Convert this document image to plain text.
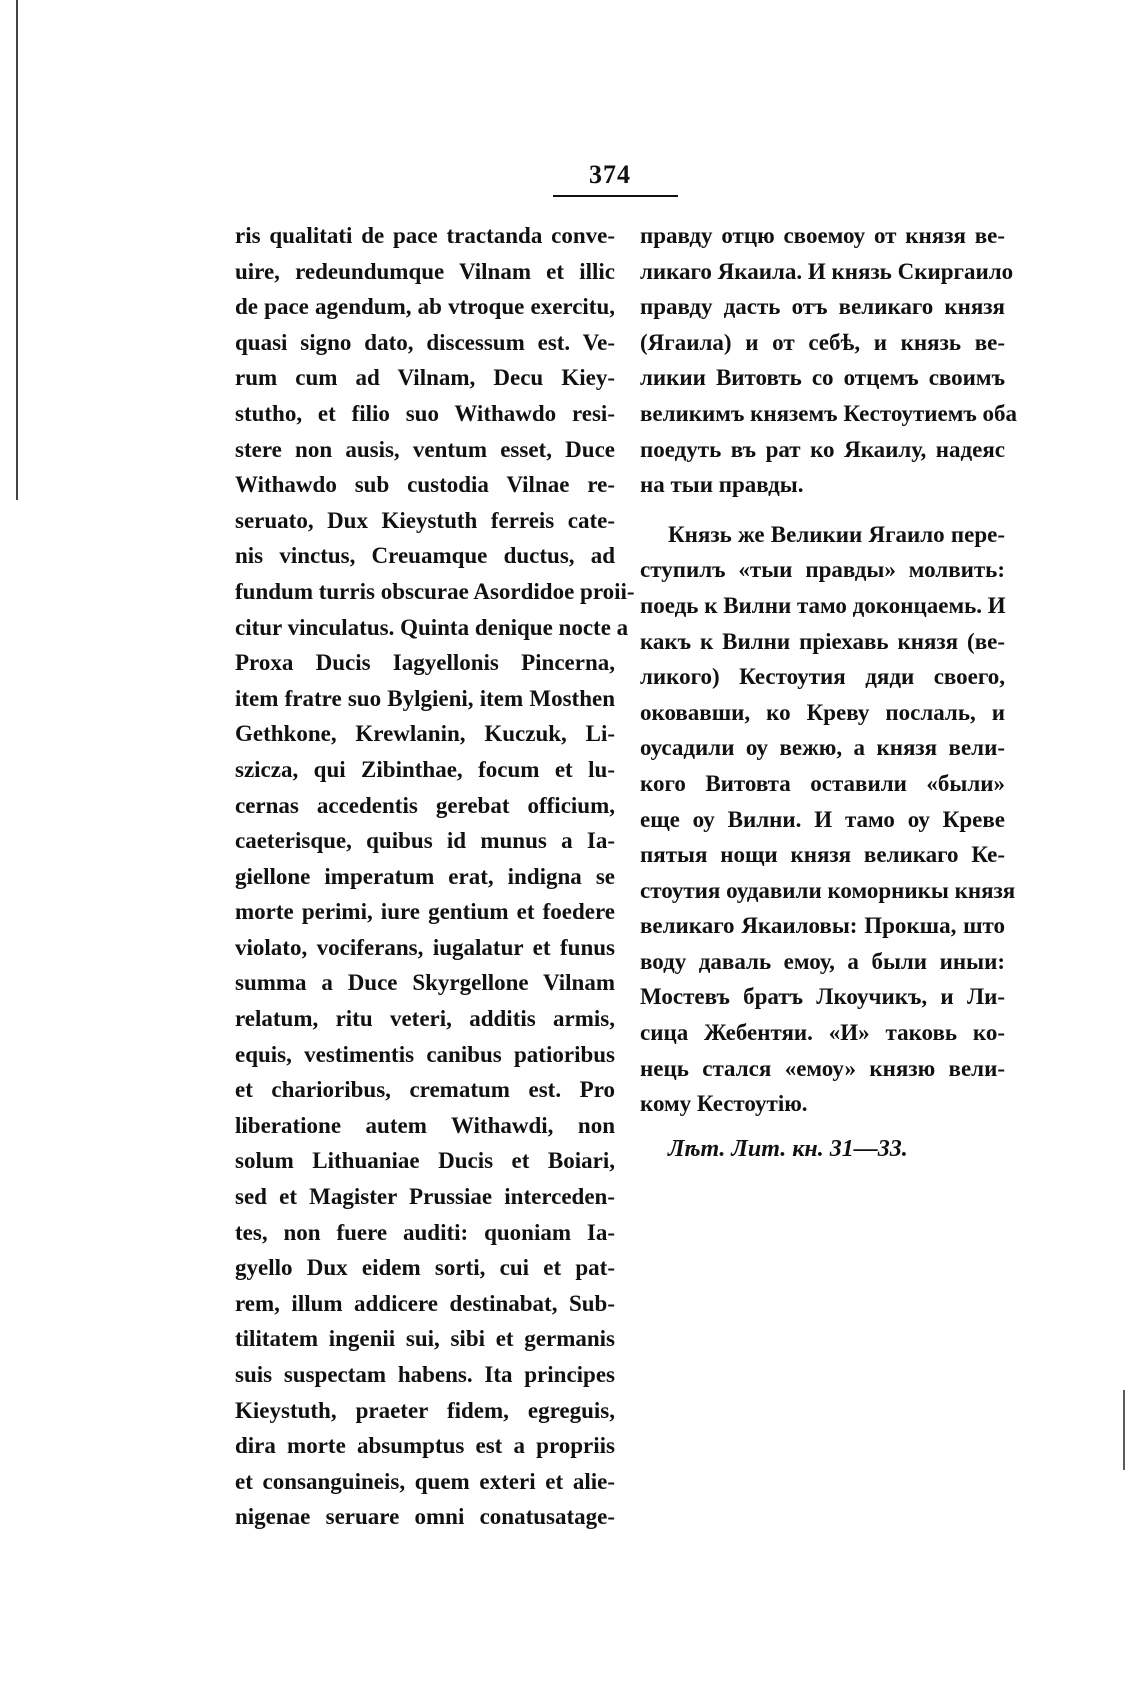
374
ris qualitati de pace tractanda conve-
uire, redeundumque Vilnam et illic
de pace agendum, ab vtroque exercitu,
quasi signo dato, discessum est. Ve-
rum cum ad Vilnam, Decu Kiey-
stutho, et filio suo Withawdo resi-
stere non ausis, ventum esset, Duce
Withawdo sub custodia Vilnae re-
seruato, Dux Kieystuth ferreis cate-
nis vinctus, Creuamque ductus, ad
fundum turris obscurae Asordidoe proii-
citur vinculatus. Quinta denique nocte a
Proxa Ducis Iagyellonis Pincerna,
item fratre suo Bylgieni, item Mosthen
Gethkone, Krewlanin, Kuczuk, Li-
szicza, qui Zibinthae, focum et lu-
cernas accedentis gerebat officium,
caeterisque, quibus id munus a Ia-
giellone imperatum erat, indigna se
morte perimi, iure gentium et foedere
violato, vociferans, iugalatur et funus
summa a Duce Skyrgellone Vilnam
relatum, ritu veteri, additis armis,
equis, vestimentis canibus patioribus
et charioribus, crematum est. Pro
liberatione autem Withawdi, non
solum Lithuaniae Ducis et Boiari,
sed et Magister Prussiae interceden-
tes, non fuere auditi: quoniam Ia-
gyello Dux eidem sorti, cui et pat-
rem, illum addicere destinabat, Sub-
tilitatem ingenii sui, sibi et germanis
suis suspectam habens. Ita principes
Kieystuth, praeter fidem, egreguis,
dira morte absumptus est a propriis
et consanguineis, quem exteri et alie-
nigenae seruare omni conatusatage-
правду отцю своемоу от князя ве-
ликаго Якаила. И князь Скиргаило
правду дасть отъ великаго князя
(Ягаила) и от себѣ, и князь ве-
ликии Витовть со отцемъ своимъ
великимъ княземъ Кестоутиемъ оба
поедуть въ рат ко Якаилу, надеяс
на тыи правды.
Князь же Великии Ягаило пере-
ступилъ «тыи правды» молвить:
поедь к Вилни тамо доконцаемь. И
какъ к Вилни пріехавь князя (ве-
ликого) Кестоутия дяди своего,
оковавши, ко Креву послаль, и
оусадили оу вежю, а князя вели-
кого Витовта оставили «были»
еще оу Вилни. И тамо оу Креве
пятыя нощи князя великаго Ке-
стоутия оудавили коморникы князя
великаго Якаиловы: Прокша, што
воду даваль емоу, а были иныи:
Мостевъ братъ Лкоучикъ, и Ли-
сица Жебентяи. «И» таковь ко-
нець стался «емоу» князю вели-
кому Кестоутію.
Лѣт. Лит. кн. 31—33.
